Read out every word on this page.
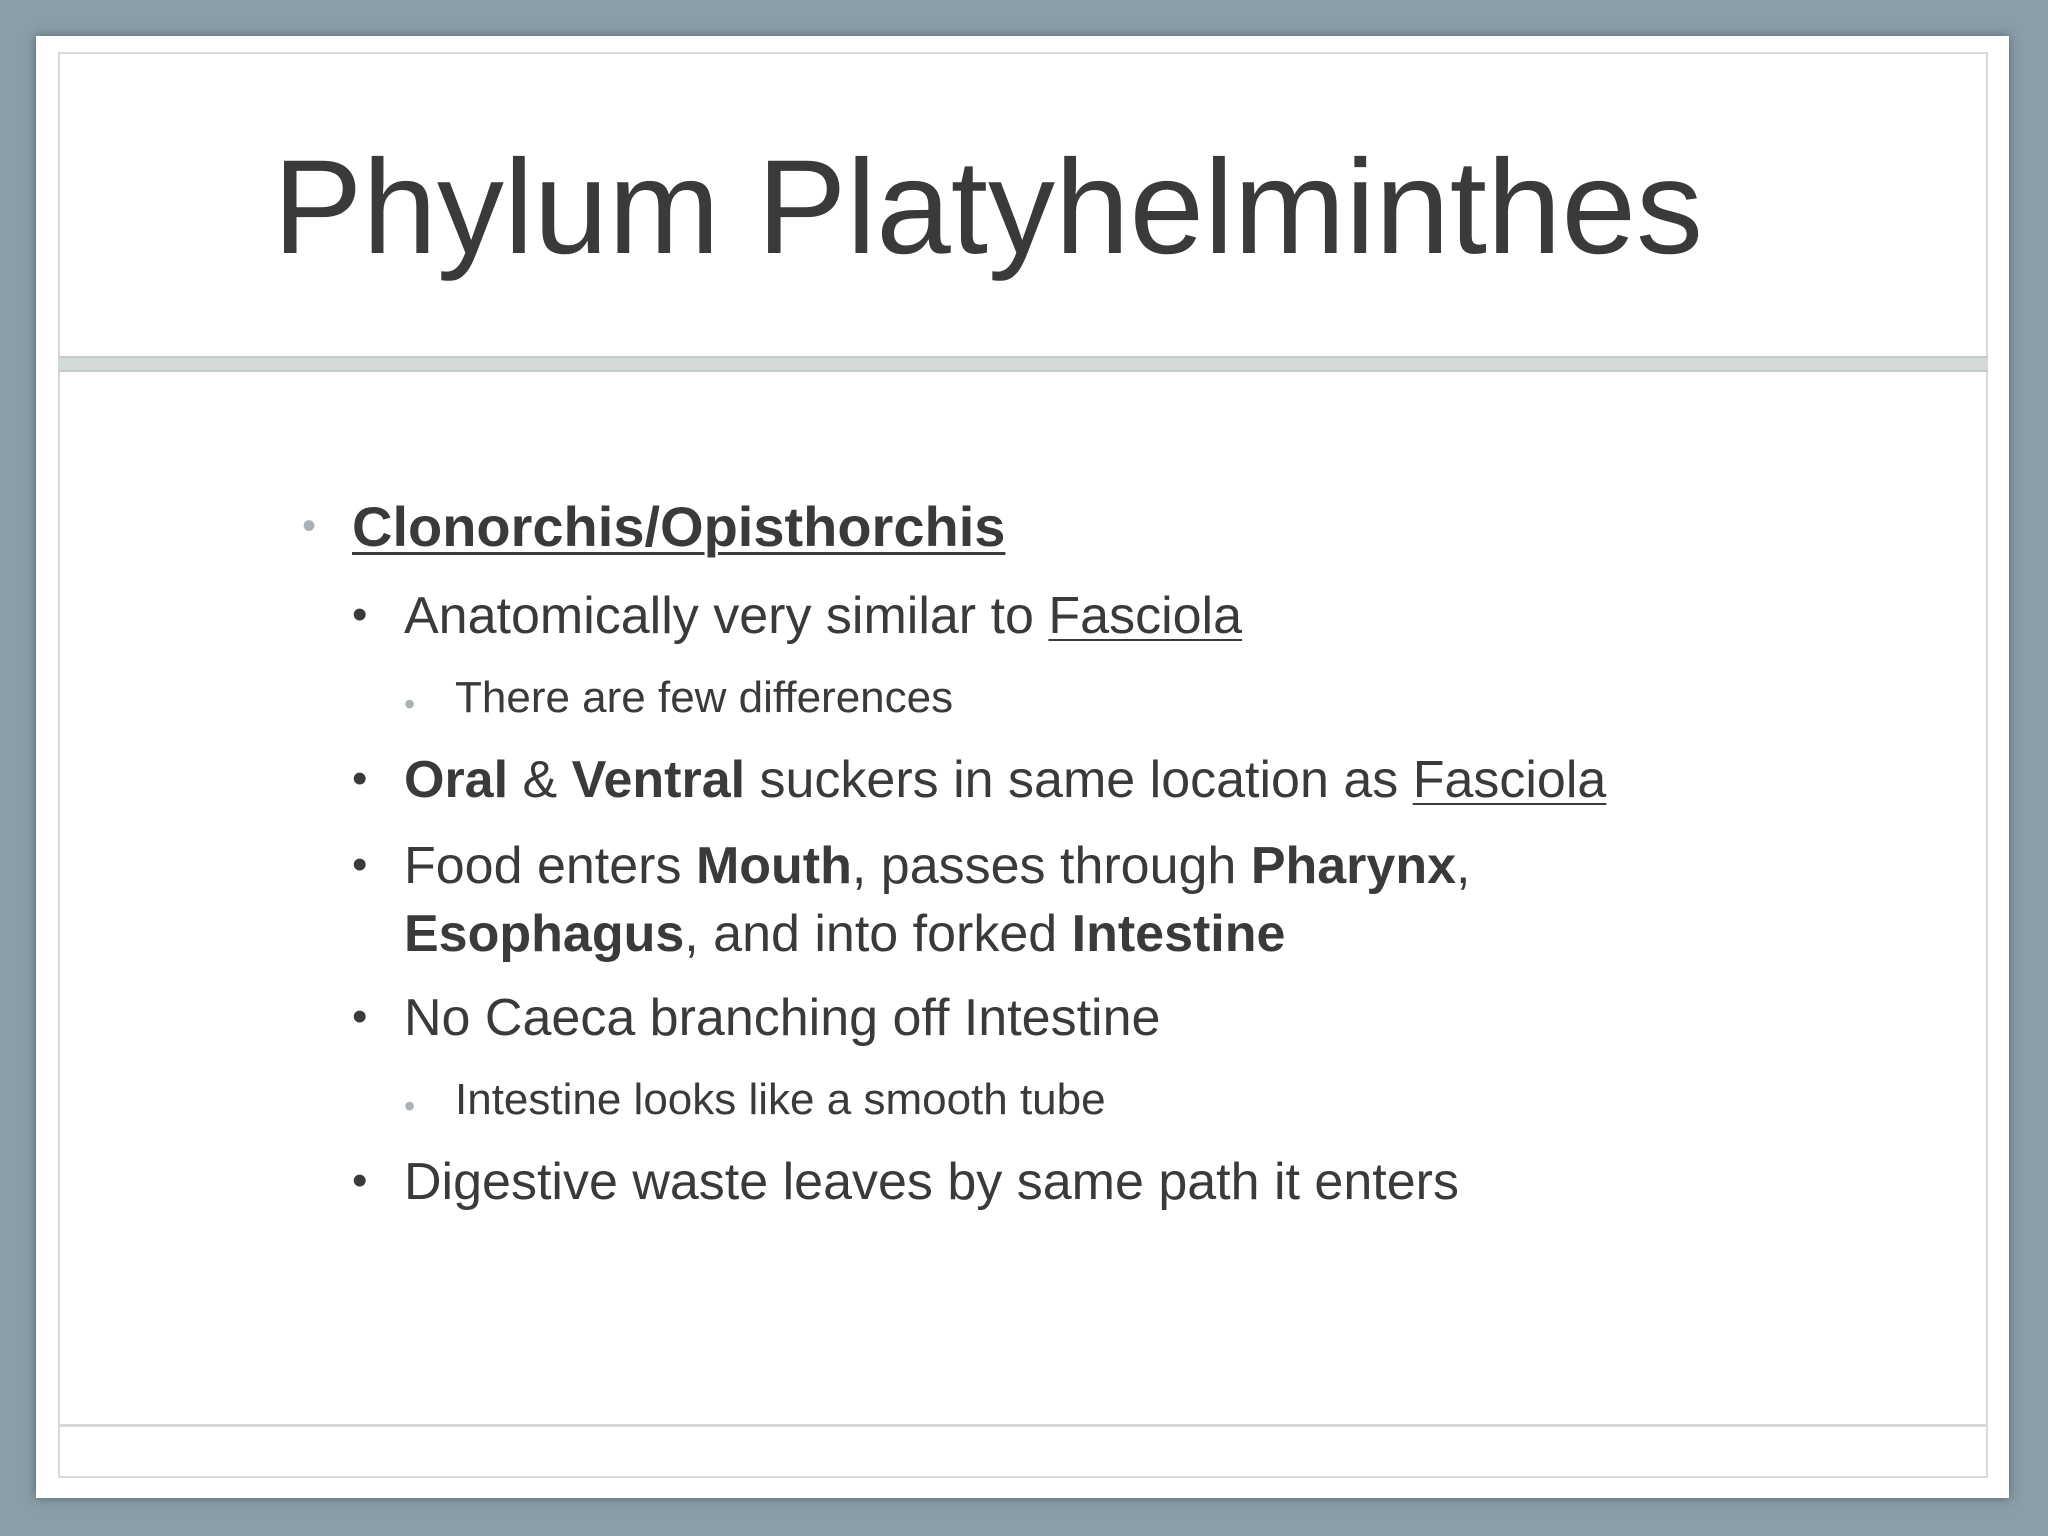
Phylum Platyhelminthes
• Clonorchis/Opisthorchis
• Anatomically very similar to Fasciola
• There are few differences
• Oral & Ventral suckers in same location as Fasciola
• Food enters Mouth, passes through Pharynx,
Esophagus, and into forked Intestine
• No Caeca branching off Intestine
• Intestine looks like a smooth tube
• Digestive waste leaves by same path it enters
